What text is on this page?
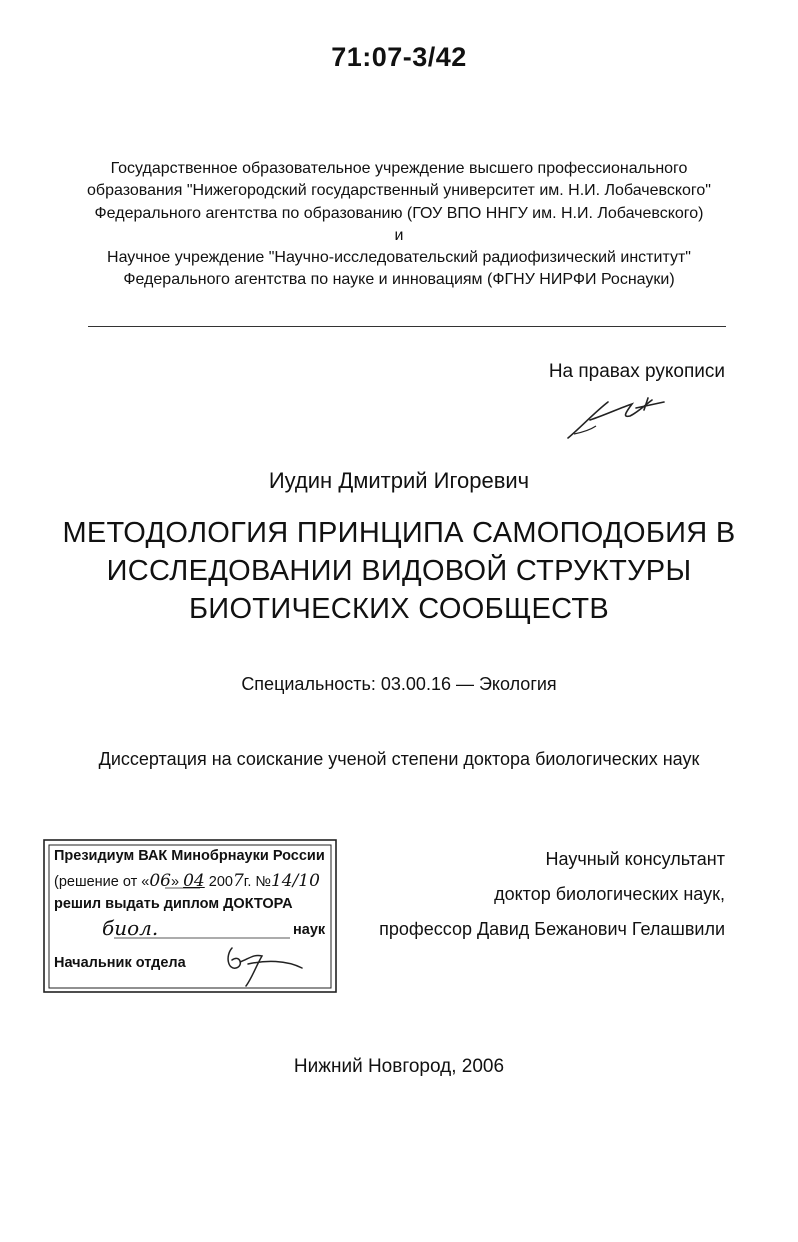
71:07-3/42
Государственное образовательное учреждение высшего профессионального
образования "Нижегородский государственный университет им. Н.И. Лобачевского"
Федерального агентства по образованию (ГОУ ВПО ННГУ им. Н.И. Лобачевского)
и
Научное учреждение "Научно-исследовательский радиофизический институт"
Федерального агентства по науке и инновациям (ФГНУ НИРФИ Роснауки)
На правах рукописи
Иудин Дмитрий Игоревич
МЕТОДОЛОГИЯ ПРИНЦИПА САМОПОДОБИЯ В
ИССЛЕДОВАНИИ ВИДОВОЙ СТРУКТУРЫ
БИОТИЧЕСКИХ СООБЩЕСТВ
Специальность: 03.00.16 — Экология
Диссертация на соискание ученой степени доктора биологических наук
Президиум ВАК Минобрнауки России
(решение от «06» 04 2007г. №14/10
решил выдать диплом ДОКТОРА
биол.	наук
Начальник отдела
Научный консультант
доктор биологических наук,
профессор Давид Бежанович Гелашвили
Нижний Новгород, 2006
